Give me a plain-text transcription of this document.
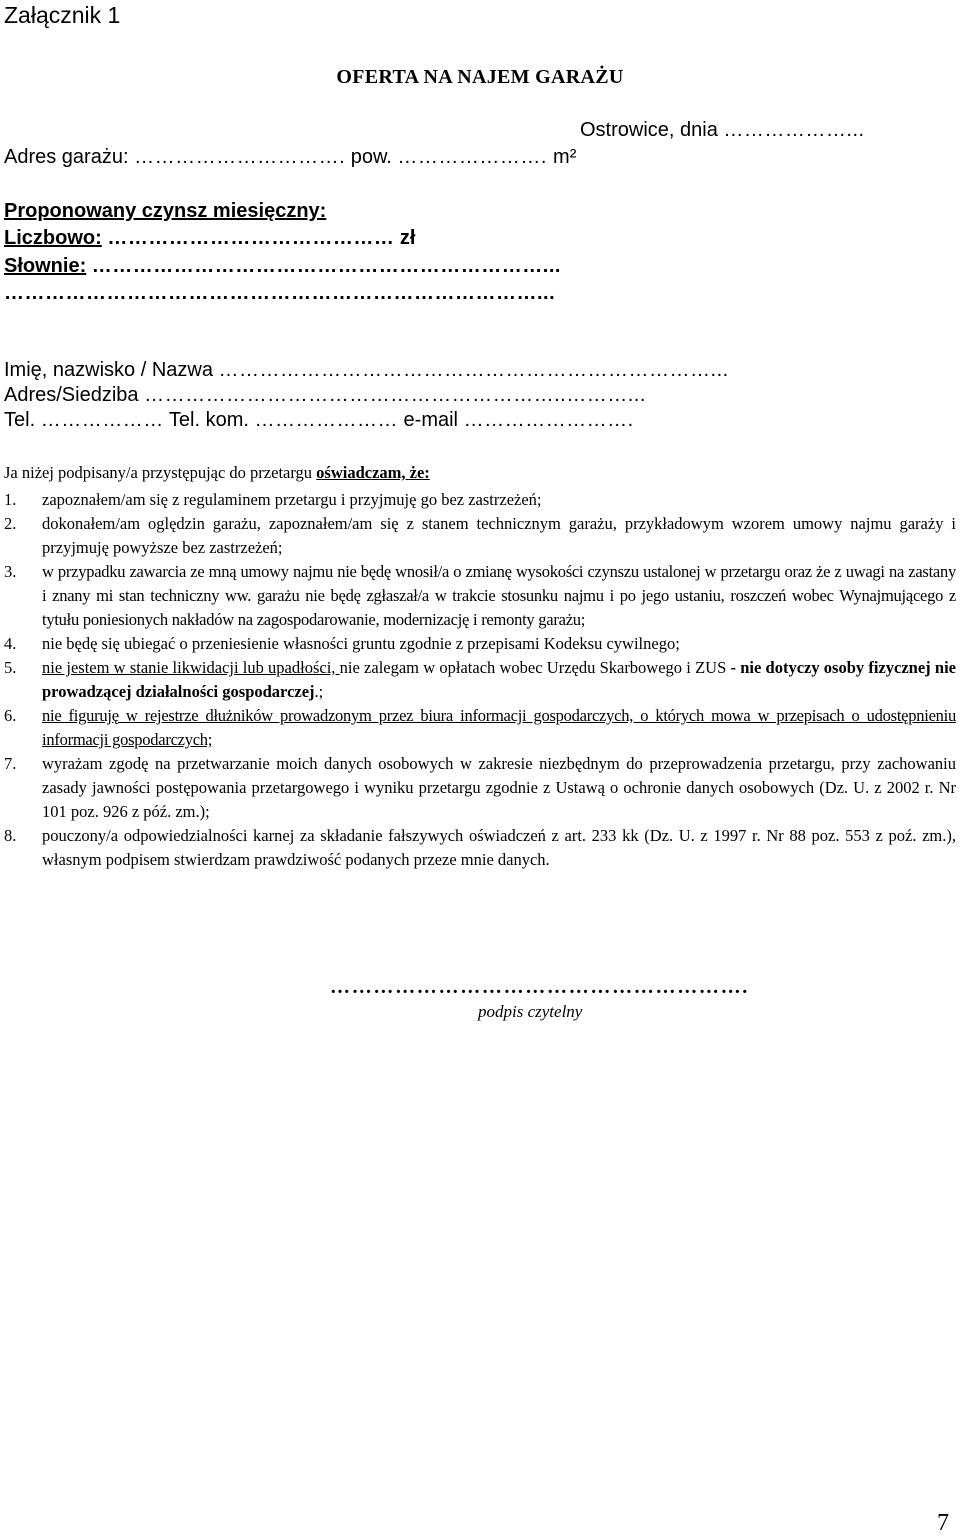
Załącznik 1
OFERTA NA NAJEM GARAŻU
Ostrowice, dnia ………………...
Adres garażu: …………………………. pow. …………………. m²
Proponowany czynsz miesięczny:
Liczbowo: …………………………………… zł
Słownie: …………………………………………………………...
……………………………………………………………………...
Imię, nazwisko / Nazwa ………………………………………………………………...
Adres/Siedziba ……………………………………………………..………...
Tel. ……………… Tel. kom. ………………… e-mail …………………….
Ja niżej podpisany/a przystępując do przetargu oświadczam, że:
1. zapoznałem/am się z regulaminem przetargu i przyjmuję go bez zastrzeżeń;
2. dokonałem/am oględzin garażu, zapoznałem/am się z stanem technicznym garażu, przykładowym wzorem umowy najmu garaży i przyjmuję powyższe bez zastrzeżeń;
3. w przypadku zawarcia ze mną umowy najmu nie będę wnosił/a o zmianę wysokości czynszu ustalonej w przetargu oraz że z uwagi na zastany i znany mi stan techniczny ww. garażu nie będę zgłaszał/a w trakcie stosunku najmu i po jego ustaniu, roszczeń wobec Wynajmującego z tytułu poniesionych nakładów na zagospodarowanie, modernizację i remonty garażu;
4. nie będę się ubiegać o przeniesienie własności gruntu zgodnie z przepisami Kodeksu cywilnego;
5. nie jestem w stanie likwidacji lub upadłości, nie zalegam w opłatach wobec Urzędu Skarbowego i ZUS - nie dotyczy osoby fizycznej nie prowadzącej działalności gospodarczej.;
6. nie figuruję w rejestrze dłużników prowadzonym przez biura informacji gospodarczych, o których mowa w przepisach o udostępnieniu informacji gospodarczych;
7. wyrażam zgodę na przetwarzanie moich danych osobowych w zakresie niezbędnym do przeprowadzenia przetargu, przy zachowaniu zasady jawności postępowania przetargowego i wyniku przetargu zgodnie z Ustawą o ochronie danych osobowych (Dz. U. z 2002 r. Nr 101 poz. 926 z póź. zm.);
8. pouczony/a odpowiedzialności karnej za składanie fałszywych oświadczeń z art. 233 kk (Dz. U. z 1997 r. Nr 88 poz. 553 z poź. zm.), własnym podpisem stwierdzam prawdziwość podanych przeze mnie danych.
………………………………………………….
podpis czytelny
7
